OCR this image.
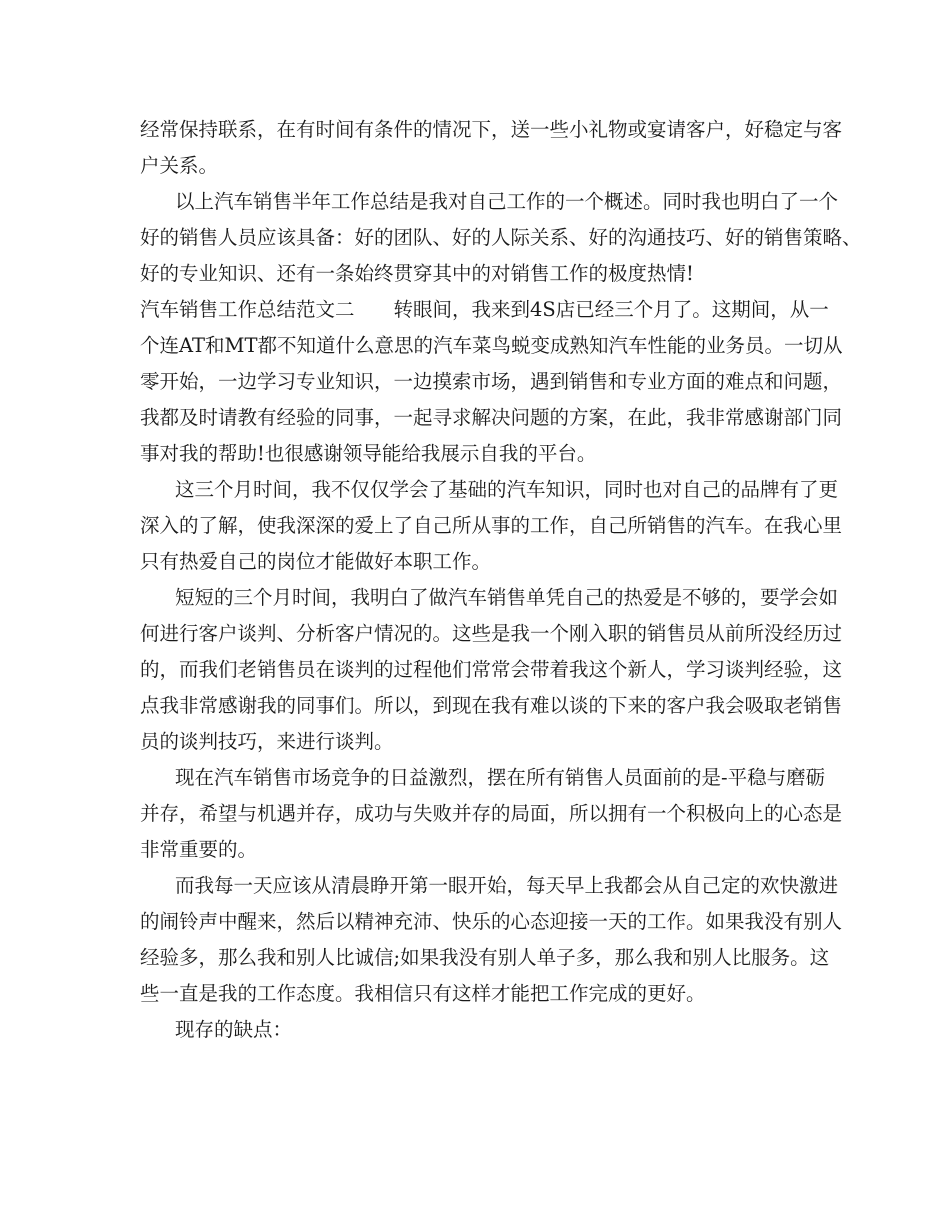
经常保持联系，在有时间有条件的情况下，送一些小礼物或宴请客户，好稳定与客
户关系。
以上汽车销售半年工作总结是我对自己工作的一个概述。同时我也明白了一个
好的销售人员应该具备：好的团队、好的人际关系、好的沟通技巧、好的销售策略、
好的专业知识、还有一条始终贯穿其中的对销售工作的极度热情!
汽车销售工作总结范文二　　转眼间，我来到4S店已经三个月了。这期间，从一
个连AT和MT都不知道什么意思的汽车菜鸟蜕变成熟知汽车性能的业务员。一切从
零开始，一边学习专业知识，一边摸索市场，遇到销售和专业方面的难点和问题，
我都及时请教有经验的同事，一起寻求解决问题的方案，在此，我非常感谢部门同
事对我的帮助!也很感谢领导能给我展示自我的平台。
这三个月时间，我不仅仅学会了基础的汽车知识，同时也对自己的品牌有了更
深入的了解，使我深深的爱上了自己所从事的工作，自己所销售的汽车。在我心里
只有热爱自己的岗位才能做好本职工作。
短短的三个月时间，我明白了做汽车销售单凭自己的热爱是不够的，要学会如
何进行客户谈判、分析客户情况的。这些是我一个刚入职的销售员从前所没经历过
的，而我们老销售员在谈判的过程他们常常会带着我这个新人，学习谈判经验，这
点我非常感谢我的同事们。所以，到现在我有难以谈的下来的客户我会吸取老销售
员的谈判技巧，来进行谈判。
现在汽车销售市场竞争的日益激烈，摆在所有销售人员面前的是-平稳与磨砺
并存，希望与机遇并存，成功与失败并存的局面，所以拥有一个积极向上的心态是
非常重要的。
而我每一天应该从清晨睁开第一眼开始，每天早上我都会从自己定的欢快激进
的闹铃声中醒来，然后以精神充沛、快乐的心态迎接一天的工作。如果我没有别人
经验多，那么我和别人比诚信;如果我没有别人单子多，那么我和别人比服务。这
些一直是我的工作态度。我相信只有这样才能把工作完成的更好。
现存的缺点：
